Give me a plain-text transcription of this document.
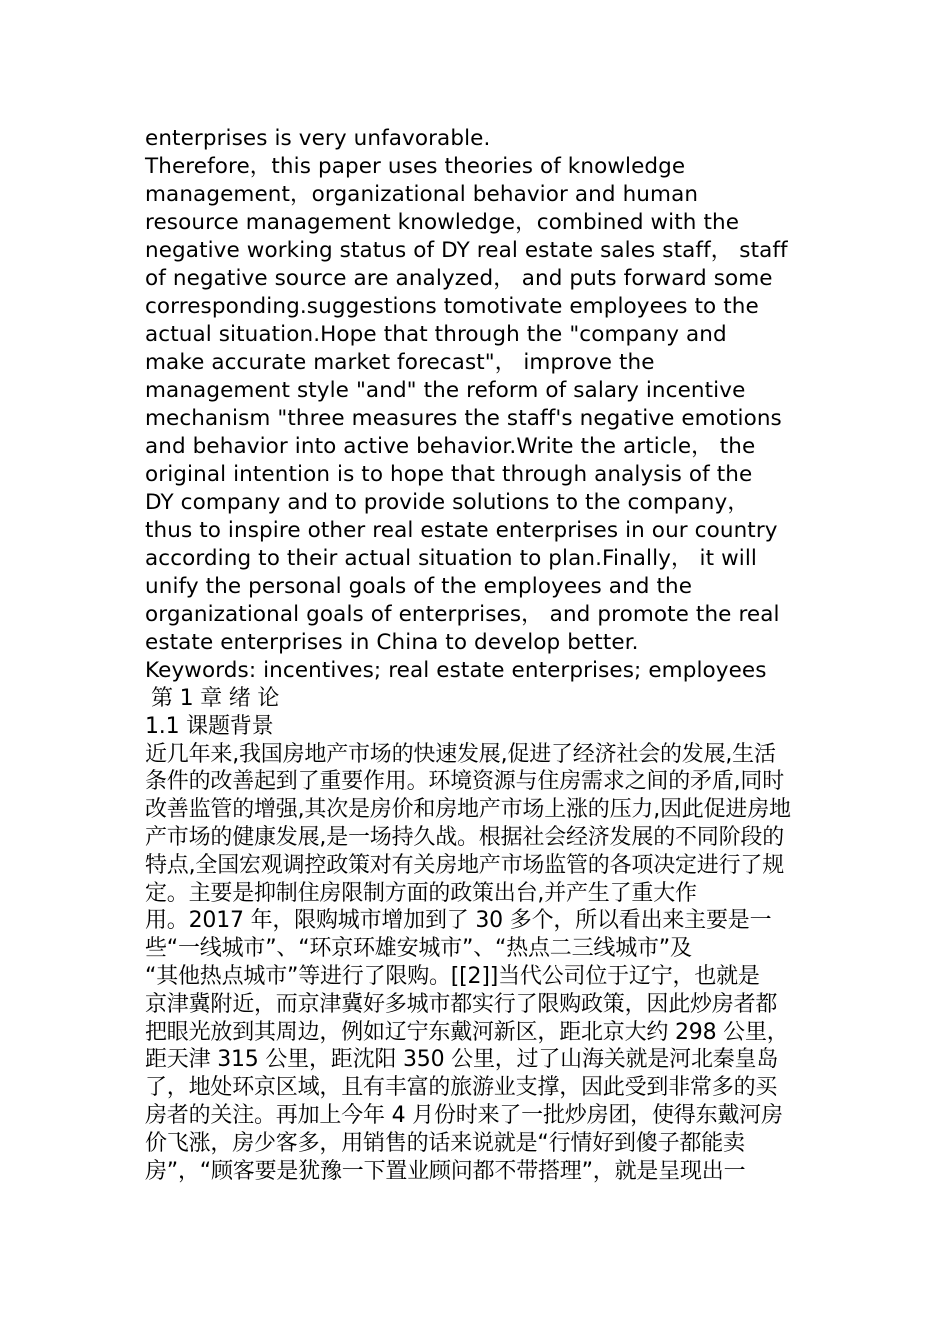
enterprises is very unfavorable.

Therefore，this paper uses theories of knowledge

management，organizational behavior and human

resource management knowledge，combined with the

negative working status of DY real estate sales staff， staff

of negative source are analyzed， and puts forward some

corresponding.suggestions tomotivate employees to the

actual situation.Hope that through the "company and

make accurate market forecast"， improve the

management style "and" the reform of salary incentive

mechanism "three measures the staff's negative emotions

and behavior into active behavior.Write the article， the

original intention is to hope that through analysis of the

DY company and to provide solutions to the company，

thus to inspire other real estate enterprises in our country

according to their actual situation to plan.Finally， it will

unify the personal goals of the employees and the

organizational goals of enterprises， and promote the real

estate enterprises in China to develop better.

Keywords: incentives; real estate enterprises; employees

第 1 章 绪 论

1.1 课题背景

近几年来,我国房地产市场的快速发展,促进了经济社会的发展,生活

条件的改善起到了重要作用。环境资源与住房需求之间的矛盾,同时

改善监管的增强,其次是房价和房地产市场上涨的压力,因此促进房地

产市场的健康发展,是一场持久战。根据社会经济发展的不同阶段的

特点,全国宏观调控政策对有关房地产市场监管的各项决定进行了规

定。主要是抑制住房限制方面的政策出台,并产生了重大作

用。2017 年，限购城市增加到了 30 多个，所以看出来主要是一

些“一线城市”、“环京环雄安城市”、“热点二三线城市”及

“其他热点城市”等进行了限购。[[2]]当代公司位于辽宁，也就是

京津冀附近，而京津冀好多城市都实行了限购政策，因此炒房者都

把眼光放到其周边，例如辽宁东戴河新区，距北京大约 298 公里，

距天津 315 公里，距沈阳 350 公里，过了山海关就是河北秦皇岛

了，地处环京区域，且有丰富的旅游业支撑，因此受到非常多的买

房者的关注。再加上今年 4 月份时来了一批炒房团，使得东戴河房

价飞涨，房少客多，用销售的话来说就是“行情好到傻子都能卖

房”，“顾客要是犹豫一下置业顾问都不带搭理”，就是呈现出一
